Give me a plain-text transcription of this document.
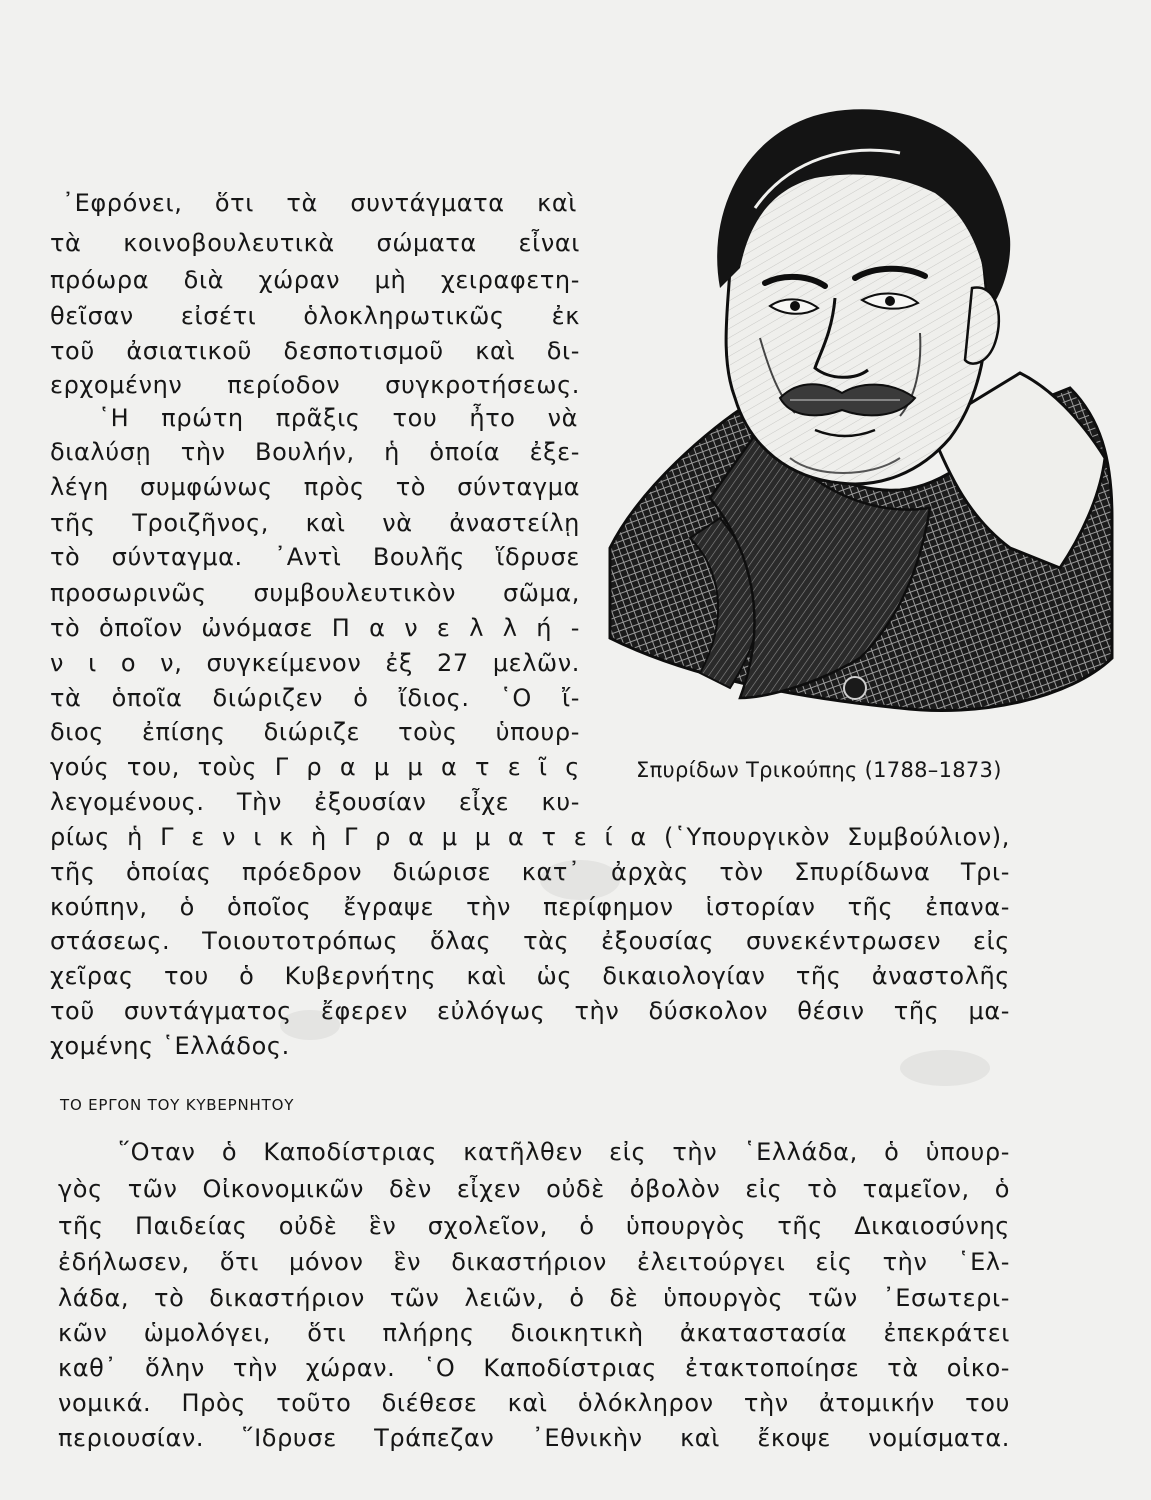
᾿Εφρόνει, ὅτι τὰ συντάγματα καὶ
τὰ κοινοβουλευτικὰ σώματα εἶναι
πρόωρα διὰ χώραν μὴ χειραφετη-
θεῖσαν εἰσέτι ὁλοκληρωτικῶς ἐκ
τοῦ ἀσιατικοῦ δεσποτισμοῦ καὶ δι-
ερχομένην περίοδον συγκροτήσεως.
῾Η πρώτη πρᾶξις του ἦτο νὰ
διαλύσῃ τὴν Βουλήν, ἡ ὁποία ἐξε-
λέγη συμφώνως πρὸς τὸ σύνταγμα
τῆς Τροιζῆνος, καὶ νὰ ἀναστείλῃ
τὸ σύνταγμα. ᾿Αντὶ Βουλῆς ἵδρυσε
προσωρινῶς συμβουλευτικὸν σῶμα,
τὸ ὁποῖον ὠνόμασε Π α ν ε λ λ ή -
ν ι ο ν, συγκείμενον ἐξ 27 μελῶν.
τὰ ὁποῖα διώριζεν ὁ ἴδιος. ῾Ο ἴ-
διος ἐπίσης διώριζε τοὺς ὑπουρ-
γούς του, τοὺς Γ ρ α μ μ α τ ε ῖ ς
λεγομένους. Τὴν ἐξουσίαν εἶχε κυ-
ρίως ἡ Γ ε ν ι κ ὴ Γ ρ α μ μ α τ ε ί α (῾Υπουργικὸν Συμβούλιον),
τῆς ὁποίας πρόεδρον διώρισε κατ᾿ ἀρχὰς τὸν Σπυρίδωνα Τρι-
κούπην, ὁ ὁποῖος ἔγραψε τὴν περίφημον ἱστορίαν τῆς ἐπανα-
στάσεως. Τοιουτοτρόπως ὅλας τὰς ἐξουσίας συνεκέντρωσεν εἰς
χεῖρας του ὁ Κυβερνήτης καὶ ὡς δικαιολογίαν τῆς ἀναστολῆς
τοῦ συντάγματος ἔφερεν εὐλόγως τὴν δύσκολον θέσιν τῆς μα-
χομένης ῾Ελλάδος.
Σπυρίδων Τρικούπης (1788–1873)
ΤΟ ΕΡΓΟΝ ΤΟΥ ΚΥΒΕΡΝΗΤΟΥ
῞Οταν ὁ Καποδίστριας κατῆλθεν εἰς τὴν ῾Ελλάδα, ὁ ὑπουρ-
γὸς τῶν Οἰκονομικῶν δὲν εἶχεν οὐδὲ ὀβολὸν εἰς τὸ ταμεῖον, ὁ
τῆς Παιδείας οὐδὲ ἓν σχολεῖον, ὁ ὑπουργὸς τῆς Δικαιοσύνης
ἐδήλωσεν, ὅτι μόνον ἓν δικαστήριον ἐλειτούργει εἰς τὴν ῾Ελ-
λάδα, τὸ δικαστήριον τῶν λειῶν, ὁ δὲ ὑπουργὸς τῶν ᾿Εσωτερι-
κῶν ὡμολόγει, ὅτι πλήρης διοικητικὴ ἀκαταστασία ἐπεκράτει
καθ᾿ ὅλην τὴν χώραν. ῾Ο Καποδίστριας ἐτακτοποίησε τὰ οἰκο-
νομικά. Πρὸς τοῦτο διέθεσε καὶ ὁλόκληρον τὴν ἀτομικήν του
περιουσίαν. ῞Ιδρυσε Τράπεζαν ᾿Εθνικὴν καὶ ἔκοψε νομίσματα.
